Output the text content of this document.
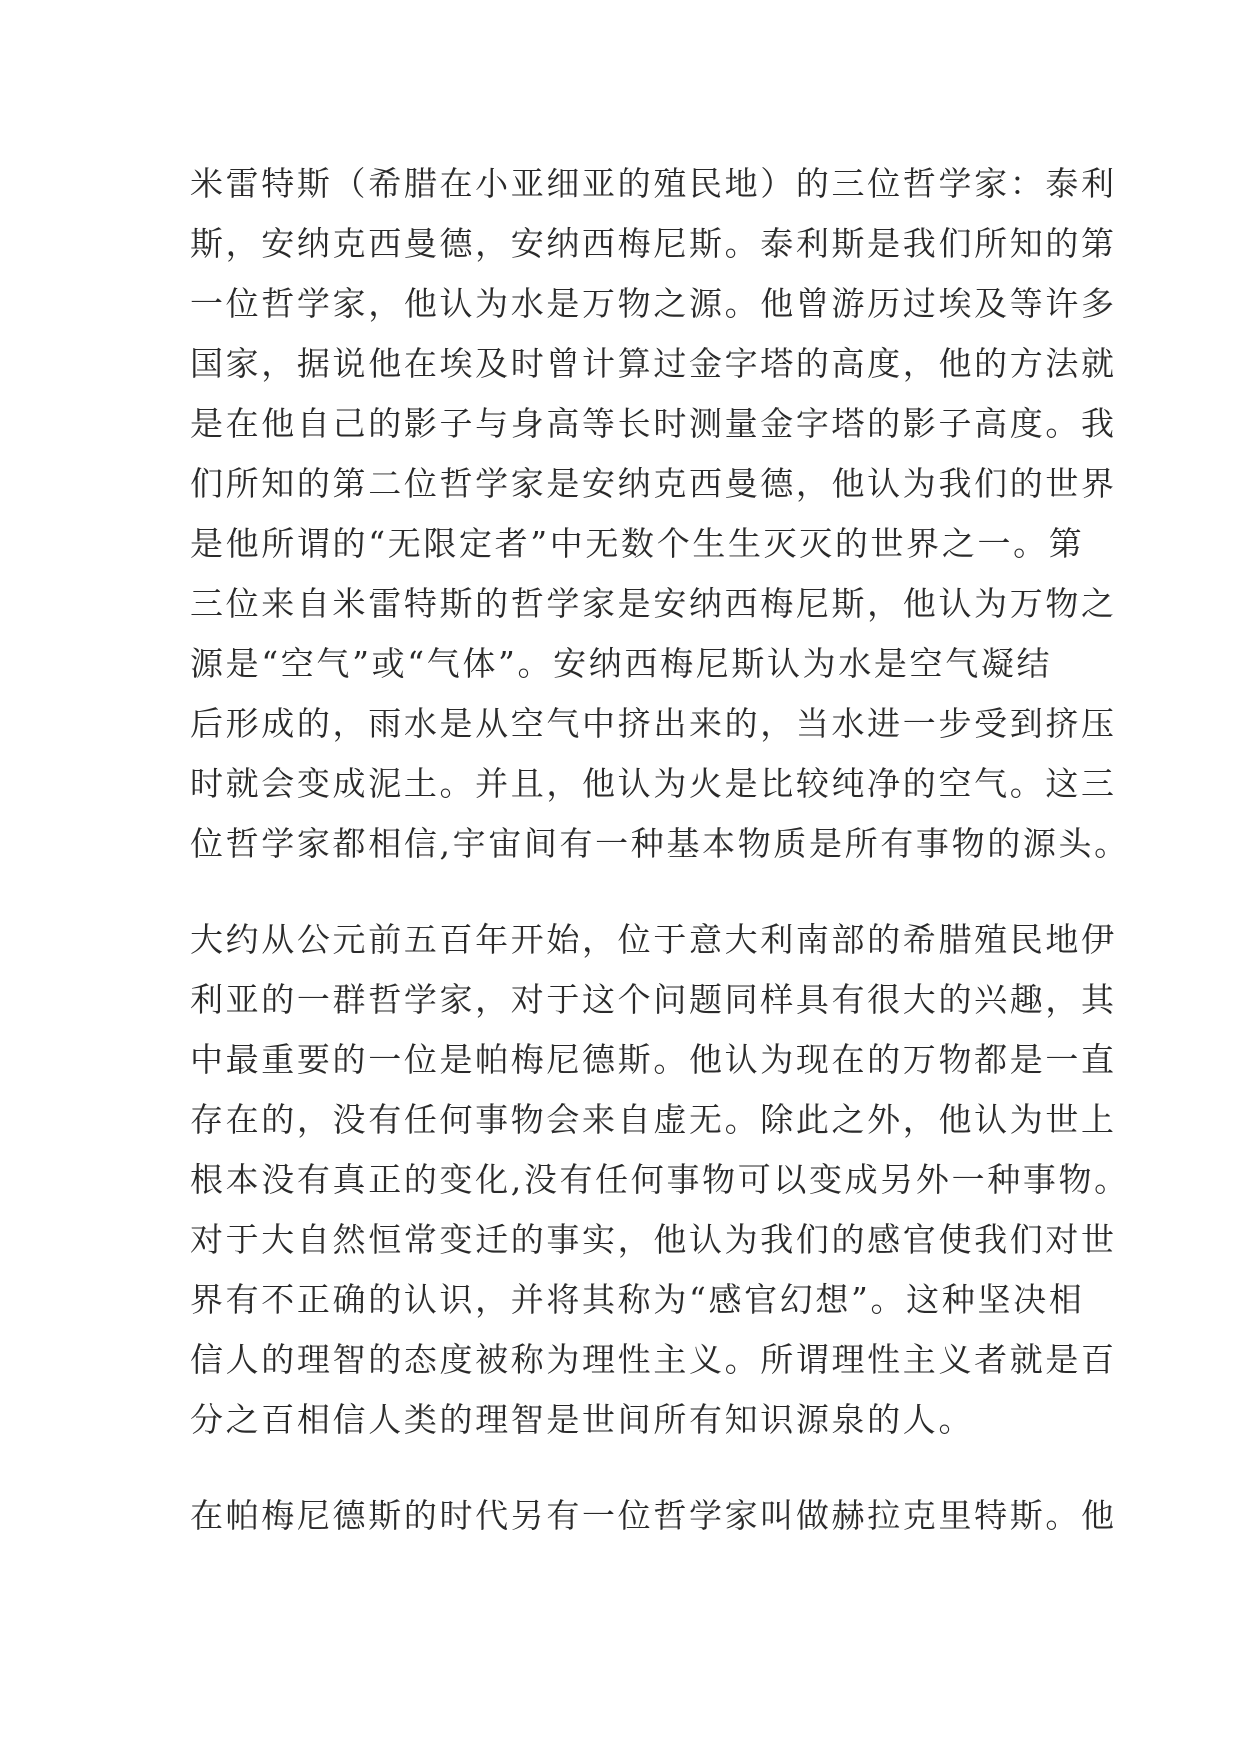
米雷特斯（希腊在小亚细亚的殖民地）的三位哲学家：泰利
斯，安纳克西曼德，安纳西梅尼斯。泰利斯是我们所知的第
一位哲学家，他认为水是万物之源。他曾游历过埃及等许多
国家，据说他在埃及时曾计算过金字塔的高度，他的方法就
是在他自己的影子与身高等长时测量金字塔的影子高度。我
们所知的第二位哲学家是安纳克西曼德，他认为我们的世界
是他所谓的“无限定者”中无数个生生灭灭的世界之一。第
三位来自米雷特斯的哲学家是安纳西梅尼斯，他认为万物之
源是“空气”或“气体”。安纳西梅尼斯认为水是空气凝结
后形成的，雨水是从空气中挤出来的，当水进一步受到挤压
时就会变成泥土。并且，他认为火是比较纯净的空气。这三
位哲学家都相信,宇宙间有一种基本物质是所有事物的源头。
大约从公元前五百年开始，位于意大利南部的希腊殖民地伊
利亚的一群哲学家，对于这个问题同样具有很大的兴趣，其
中最重要的一位是帕梅尼德斯。他认为现在的万物都是一直
存在的，没有任何事物会来自虚无。除此之外，他认为世上
根本没有真正的变化,没有任何事物可以变成另外一种事物。
对于大自然恒常变迁的事实，他认为我们的感官使我们对世
界有不正确的认识，并将其称为“感官幻想”。这种坚决相
信人的理智的态度被称为理性主义。所谓理性主义者就是百
分之百相信人类的理智是世间所有知识源泉的人。
在帕梅尼德斯的时代另有一位哲学家叫做赫拉克里特斯。他
